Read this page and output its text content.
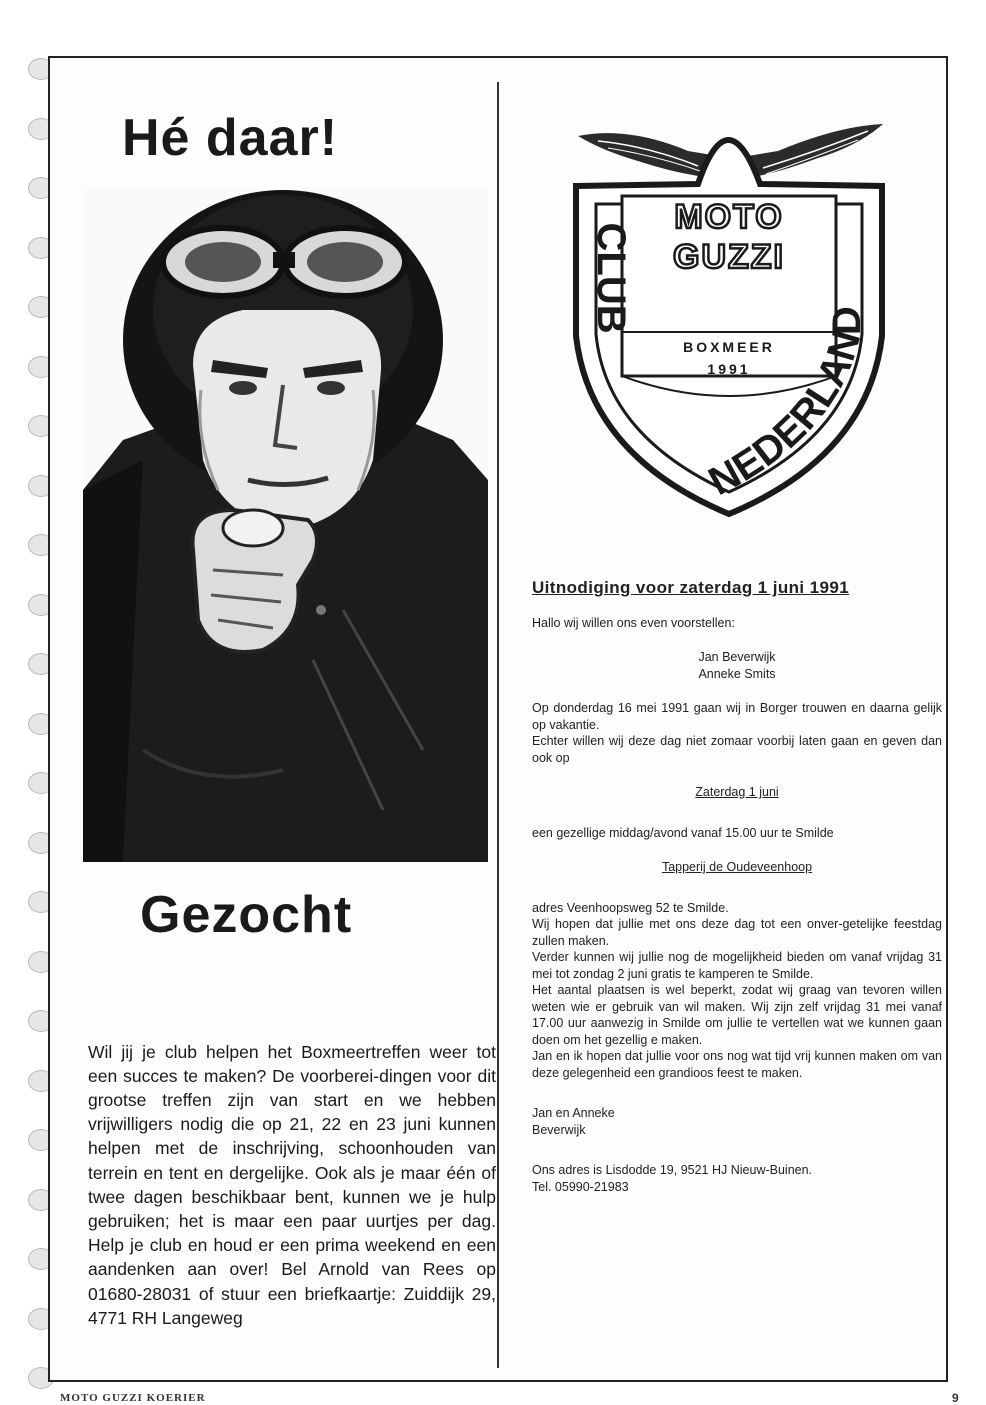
Hé daar!
Gezocht

Wil jij je club helpen het Boxmeertreffen weer tot een succes te maken? De voorberei-dingen voor dit grootse treffen zijn van start en we hebben vrijwilligers nodig die op 21, 22 en 23 juni kunnen helpen met de inschrijving, schoonhouden van terrein en tent en dergelijke. Ook als je maar één of twee dagen beschikbaar bent, kunnen we je hulp gebruiken; het is maar een paar uurtjes per dag. Help je club en houd er een prima weekend en een aandenken aan over! Bel Arnold van Rees op 01680-28031 of stuur een briefkaartje: Zuiddijk 29, 4771 RH Langeweg

MOTO
GUZZI
BOXMEER
1991
CLUB
NEDERLAND
Uitnodiging voor zaterdag 1 juni 1991

Hallo wij willen ons even voorstellen:

Jan Beverwijk

Anneke Smits

Op donderdag 16 mei 1991 gaan wij in Borger trouwen en daarna gelijk op vakantie.

Echter willen wij deze dag niet zomaar voorbij laten gaan en geven dan ook op

Zaterdag 1 juni

een gezellige middag/avond vanaf 15.00 uur te Smilde

Tapperij de Oudeveenhoop

adres Veenhoopsweg 52 te Smilde.

Wij hopen dat jullie met ons deze dag tot een onver-getelijke feestdag zullen maken.

Verder kunnen wij jullie nog de mogelijkheid bieden om vanaf vrijdag 31 mei tot zondag 2 juni gratis te kamperen te Smilde.

Het aantal plaatsen is wel beperkt, zodat wij graag van tevoren willen weten wie er gebruik van wil maken. Wij zijn zelf vrijdag 31 mei vanaf 17.00 uur aanwezig in Smilde om jullie te vertellen wat we kunnen gaan doen om het gezellig e maken.

Jan en ik hopen dat jullie voor ons nog wat tijd vrij kunnen maken om van deze gelegenheid een grandioos feest te maken.

Jan en Anneke

Beverwijk

Ons adres is Lisdodde 19, 9521 HJ Nieuw-Buinen.

Tel. 05990-21983

MOTO GUZZI KOERIER	9
